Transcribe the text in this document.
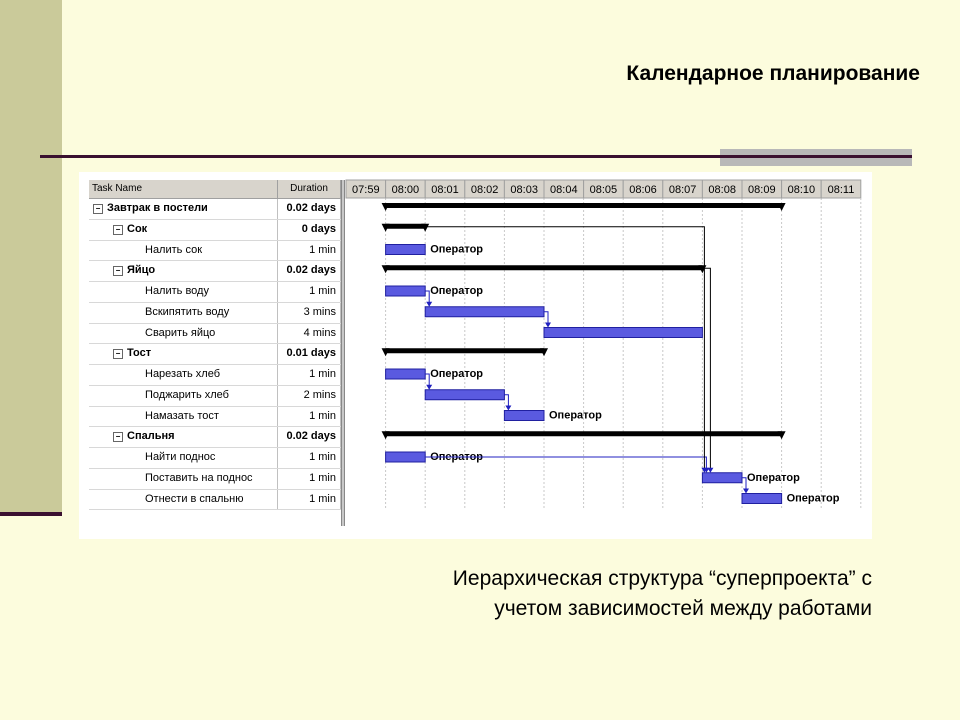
Календарное планирование
Task Name	Duration
− Завтрак в постели	0.02 days
− Сок	0 days
Налить сок	1 min
− Яйцо	0.02 days
Налить воду	1 min
Вскипятить воду	3 mins
Сварить яйцо	4 mins
− Тост	0.01 days
Нарезать хлеб	1 min
Поджарить хлеб	2 mins
Намазать тост	1 min
− Спальня	0.02 days
Найти поднос	1 min
Поставить на поднос	1 min
Отнести в спальню	1 min
07:59 08:00 08:01 08:02 08:03 08:04 08:05 08:06 08:07 08:08 08:09 08:10 08:11
Оператор
Оператор
Оператор
Оператор
Оператор
Оператор
Оператор
Иерархическая структура “суперпроекта” с
учетом зависимостей между работами
